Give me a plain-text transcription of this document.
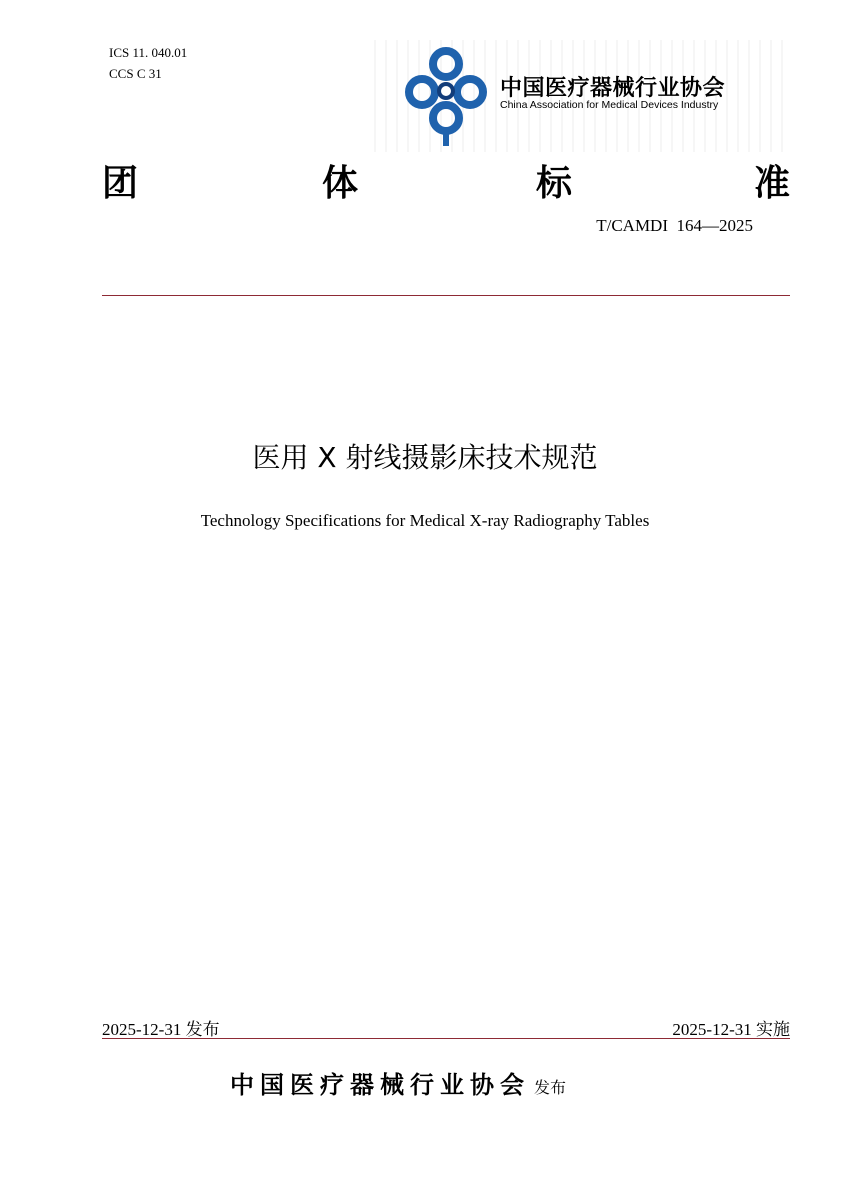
ICS 11. 040.01
CCS C 31
中国医疗器械行业协会
China Association for Medical Devices Industry
团	体	标	准
T/CAMDI  164—2025
医用 X 射线摄影床技术规范
Technology Specifications for Medical X-ray Radiography Tables
2025-12-31 发布	2025-12-31 实施
中国医疗器械行业协会 发布
